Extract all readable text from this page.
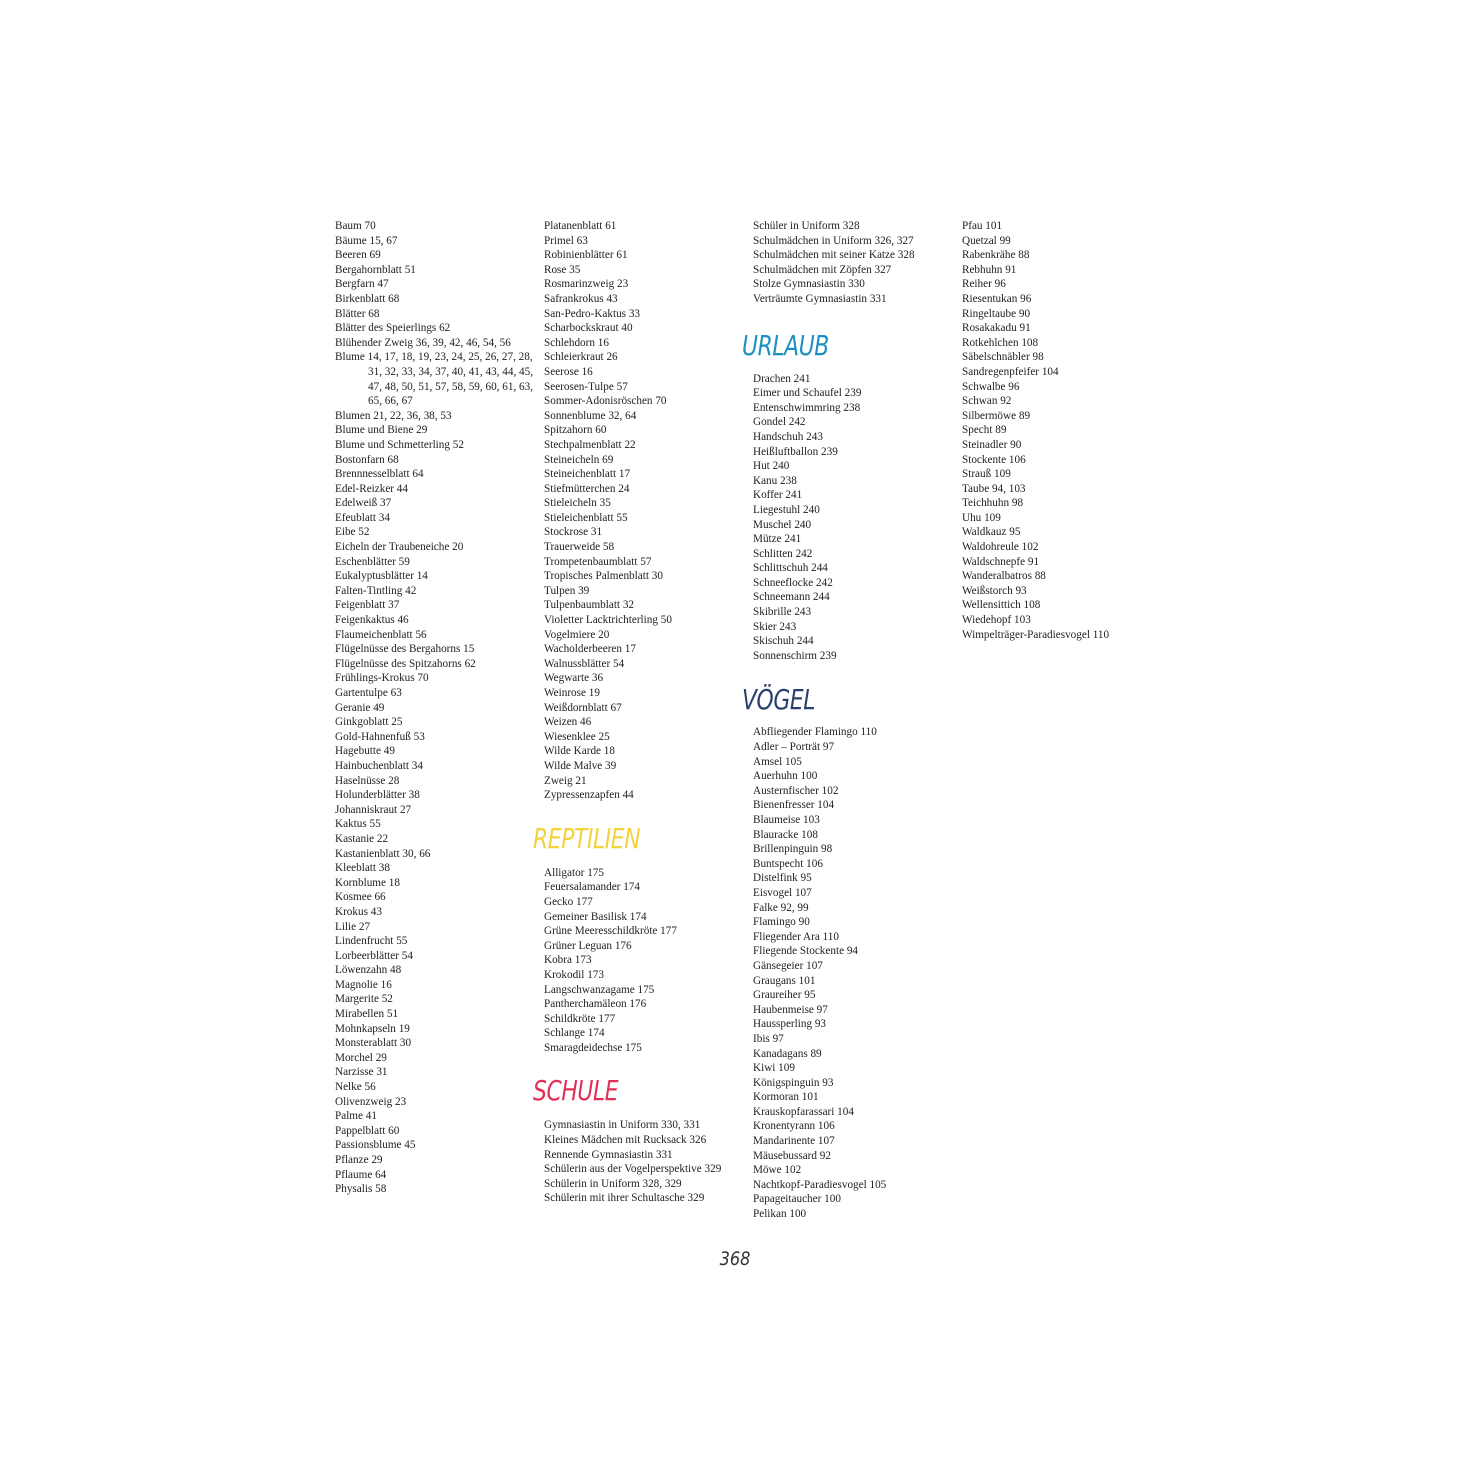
Baum 70
Bäume 15, 67
Beeren 69
Bergahornblatt 51
Bergfarn 47
Birkenblatt 68
Blätter 68
Blätter des Speierlings 62
Blühender Zweig 36, 39, 42, 46, 54, 56
Blume 14, 17, 18, 19, 23, 24, 25, 26, 27, 28, 31, 32, 33, 34, 37, 40, 41, 43, 44, 45, 47, 48, 50, 51, 57, 58, 59, 60, 61, 63, 65, 66, 67
Blumen 21, 22, 36, 38, 53
Blume und Biene 29
Blume und Schmetterling 52
Bostonfarn 68
Brennnesselblatt 64
Edel-Reizker 44
Edelweiß 37
Efeublatt 34
Eibe 52
Eicheln der Traubeneiche 20
Eschenblätter 59
Eukalyptusblätter 14
Falten-Tintling 42
Feigenblatt 37
Feigenkaktus 46
Flaumeichenblatt 56
Flügelnüsse des Bergahorns 15
Flügelnüsse des Spitzahorns 62
Frühlings-Krokus 70
Gartentulpe 63
Geranie 49
Ginkgoblatt 25
Gold-Hahnenfuß 53
Hagebutte 49
Hainbuchenblatt 34
Haselnüsse 28
Holunderblätter 38
Johanniskraut 27
Kaktus 55
Kastanie 22
Kastanienblatt 30, 66
Kleeblatt 38
Kornblume 18
Kosmee 66
Krokus 43
Lilie 27
Lindenfrucht 55
Lorbeerblätter 54
Löwenzahn 48
Magnolie 16
Margerite 52
Mirabellen 51
Mohnkapseln 19
Monsterablatt 30
Morchel 29
Narzisse 31
Nelke 56
Olivenzweig 23
Palme 41
Pappelblatt 60
Passionsblume 45
Pflanze 29
Pflaume 64
Physalis 58
Platanenblatt 61
Primel 63
Robinienblätter 61
Rose 35
Rosmarinzweig 23
Safrankrokus 43
San-Pedro-Kaktus 33
Scharbockskraut 40
Schlehdorn 16
Schleierkraut 26
Seerose 16
Seerosen-Tulpe 57
Sommer-Adonisröschen 70
Sonnenblume 32, 64
Spitzahorn 60
Stechpalmenblatt 22
Steineicheln 69
Steineichenblatt 17
Stiefmütterchen 24
Stieleicheln 35
Stieleichenblatt 55
Stockrose 31
Trauerweide 58
Trompetenbaumblatt 57
Tropisches Palmenblatt 30
Tulpen 39
Tulpenbaumblatt 32
Violetter Lacktrichterling 50
Vogelmiere 20
Wacholderbeeren 17
Walnussblätter 54
Wegwarte 36
Weinrose 19
Weißdornblatt 67
Weizen 46
Wiesenklee 25
Wilde Karde 18
Wilde Malve 39
Zweig 21
Zypressenzapfen 44
REPTILIEN
Alligator 175
Feuersalamander 174
Gecko 177
Gemeiner Basilisk 174
Grüne Meeresschildkröte 177
Grüner Leguan 176
Kobra 173
Krokodil 173
Langschwanzagame 175
Pantherchamäleon 176
Schildkröte 177
Schlange 174
Smaragdeidechse 175
SCHULE
Gymnasiastin in Uniform 330, 331
Kleines Mädchen mit Rucksack 326
Rennende Gymnasiastin 331
Schülerin aus der Vogelperspektive 329
Schülerin in Uniform 328, 329
Schülerin mit ihrer Schultasche 329
Schüler in Uniform 328
Schulmädchen in Uniform 326, 327
Schulmädchen mit seiner Katze 328
Schulmädchen mit Zöpfen 327
Stolze Gymnasiastin 330
Verträumte Gymnasiastin 331
URLAUB
Drachen 241
Eimer und Schaufel 239
Entenschwimmring 238
Gondel 242
Handschuh 243
Heißluftballon 239
Hut 240
Kanu 238
Koffer 241
Liegestuhl 240
Muschel 240
Mütze 241
Schlitten 242
Schlittschuh 244
Schneeflocke 242
Schneemann 244
Skibrille 243
Skier 243
Skischuh 244
Sonnenschirm 239
VÖGEL
Abfliegender Flamingo 110
Adler – Porträt 97
Amsel 105
Auerhuhn 100
Austernfischer 102
Bienenfresser 104
Blaumeise 103
Blauracke 108
Brillenpinguin 98
Buntspecht 106
Distelfink 95
Eisvogel 107
Falke 92, 99
Flamingo 90
Fliegender Ara 110
Fliegende Stockente 94
Gänsegeier 107
Graugans 101
Graureiher 95
Haubenmeise 97
Haussperling 93
Ibis 97
Kanadagans 89
Kiwi 109
Königspinguin 93
Kormoran 101
Krauskopfarassari 104
Kronentyrann 106
Mandarinente 107
Mäusebussard 92
Möwe 102
Nachtkopf-Paradiesvogel 105
Papageitaucher 100
Pelikan 100
Pfau 101
Quetzal 99
Rabenkrähe 88
Rebhuhn 91
Reiher 96
Riesentukan 96
Ringeltaube 90
Rosakakadu 91
Rotkehlchen 108
Säbelschnäbler 98
Sandregenpfeifer 104
Schwalbe 96
Schwan 92
Silbermöwe 89
Specht 89
Steinadler 90
Stockente 106
Strauß 109
Taube 94, 103
Teichhuhn 98
Uhu 109
Waldkauz 95
Waldohreule 102
Waldschnepfe 91
Wanderalbatros 88
Weißstorch 93
Wellensittich 108
Wiedehopf 103
Wimpelträger-Paradiesvogel 110
368
